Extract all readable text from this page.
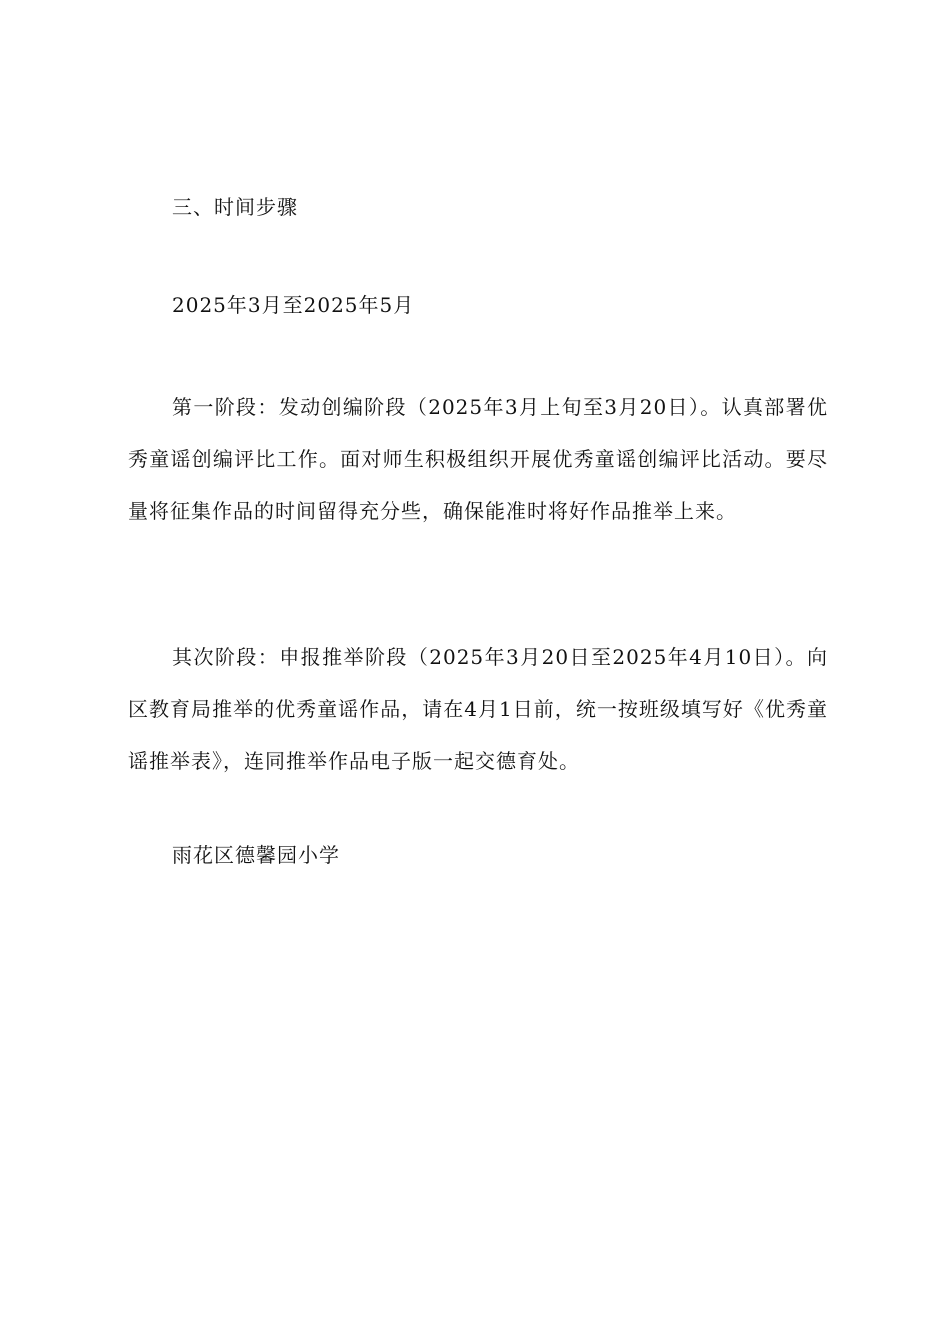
三、时间步骤

2025年3月至2025年5月

第一阶段：发动创编阶段（2025年3月上旬至3月20日）。认真部署优秀童谣创编评比工作。面对师生积极组织开展优秀童谣创编评比活动。要尽量将征集作品的时间留得充分些，确保能准时将好作品推举上来。

其次阶段：申报推举阶段（2025年3月20日至2025年4月10日）。向区教育局推举的优秀童谣作品，请在4月1日前，统一按班级填写好《优秀童谣推举表》，连同推举作品电子版一起交德育处。

雨花区德馨园小学
